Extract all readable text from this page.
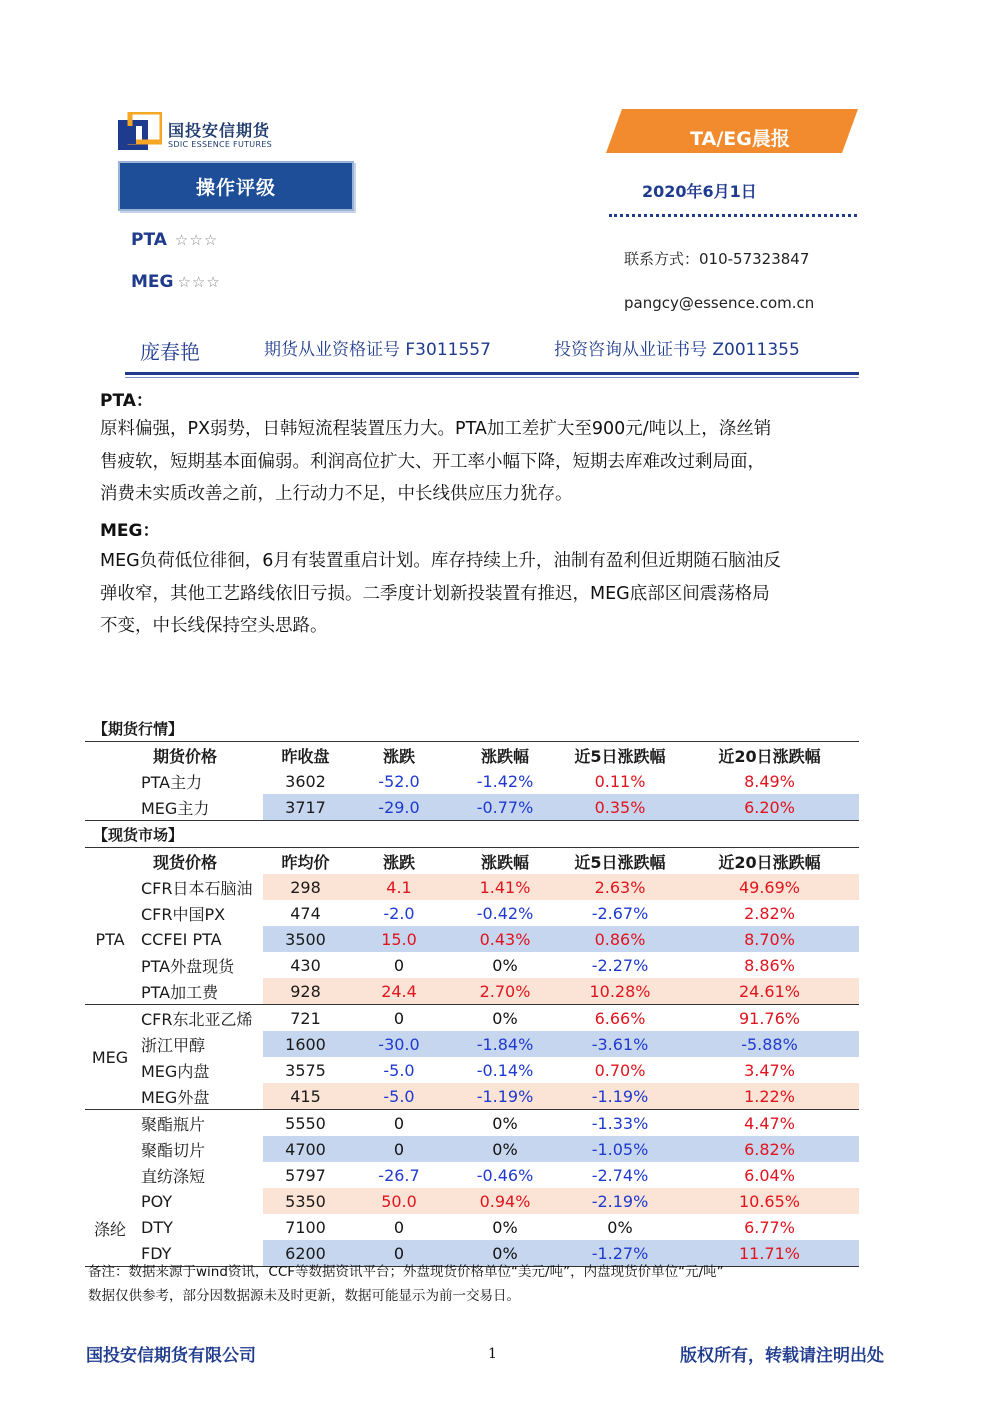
国投安信期货
SDIC ESSENCE FUTURES
操作评级
TA/EG晨报
2020年6月1日
PTA ☆☆☆
MEG ☆☆☆
联系方式：010-57323847
pangcy@essence.com.cn
庞春艳	期货从业资格证号 F3011557	投资咨询从业证书号 Z0011355
PTA：
原料偏强，PX弱势，日韩短流程装置压力大。PTA加工差扩大至900元/吨以上，涤丝销
售疲软，短期基本面偏弱。利润高位扩大、开工率小幅下降，短期去库难改过剩局面，
消费未实质改善之前，上行动力不足，中长线供应压力犹存。
MEG：
MEG负荷低位徘徊，6月有装置重启计划。库存持续上升，油制有盈利但近期随石脑油反
弹收窄，其他工艺路线依旧亏损。二季度计划新投装置有推迟，MEG底部区间震荡格局
不变，中长线保持空头思路。
【期货行情】						
	期货价格	昨收盘	涨跌	涨跌幅	近5日涨跌幅	近20日涨跌幅
	PTA主力	3602	-52.0	-1.42%	0.11%	8.49%
	MEG主力	3717	-29.0	-0.77%	0.35%	6.20%
【现货市场】						
	现货价格	昨均价	涨跌	涨跌幅	近5日涨跌幅	近20日涨跌幅
PTA	CFR日本石脑油	298	4.1	1.41%	2.63%	49.69%
	CFR中国PX	474	-2.0	-0.42%	-2.67%	2.82%
	CCFEI PTA	3500	15.0	0.43%	0.86%	8.70%
	PTA外盘现货	430	0	0%	-2.27%	8.86%
	PTA加工费	928	24.4	2.70%	10.28%	24.61%
MEG	CFR东北亚乙烯	721	0	0%	6.66%	91.76%
	浙江甲醇	1600	-30.0	-1.84%	-3.61%	-5.88%
	MEG内盘	3575	-5.0	-0.14%	0.70%	3.47%
	MEG外盘	415	-5.0	-1.19%	-1.19%	1.22%
涤纶	聚酯瓶片	5550	0	0%	-1.33%	4.47%
	聚酯切片	4700	0	0%	-1.05%	6.82%
	直纺涤短	5797	-26.7	-0.46%	-2.74%	6.04%
	POY	5350	50.0	0.94%	-2.19%	10.65%
	DTY	7100	0	0%	0%	6.77%
	FDY	6200	0	0%	-1.27%	11.71%
备注：数据来源于wind资讯，CCF等数据资讯平台；外盘现货价格单位“美元/吨”，内盘现货价单位“元/吨”
数据仅供参考，部分因数据源未及时更新，数据可能显示为前一交易日。
国投安信期货有限公司	1	版权所有，转载请注明出处
